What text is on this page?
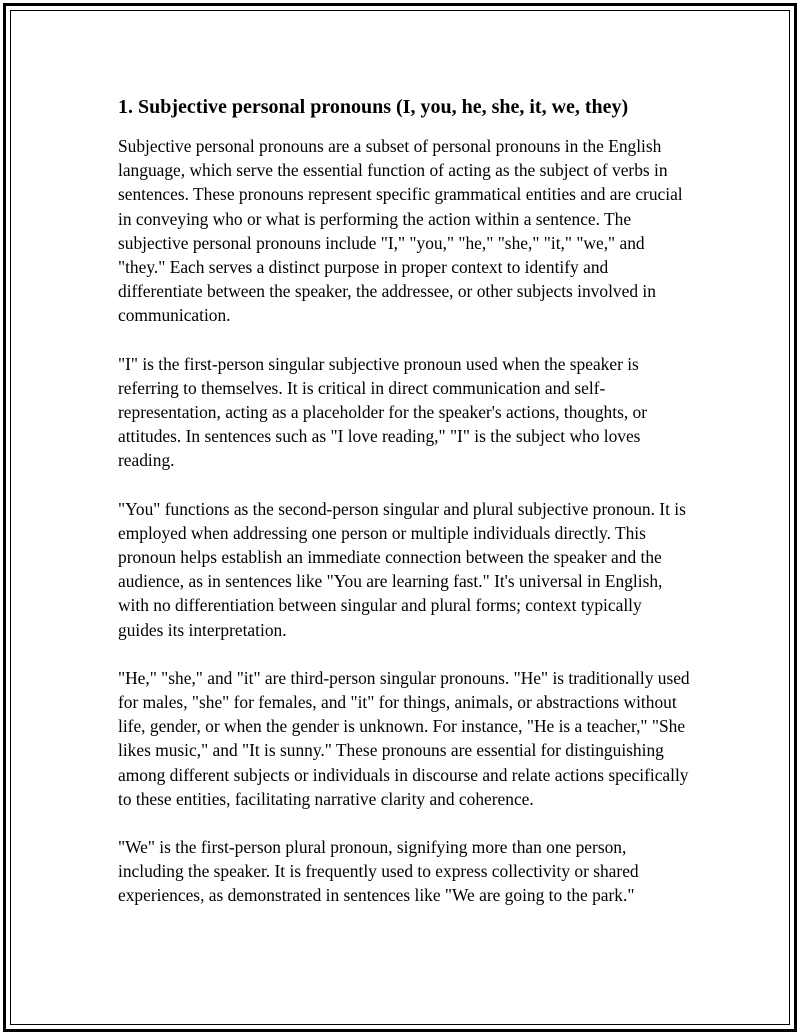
1. Subjective personal pronouns (I, you, he, she, it, we, they)

Subjective personal pronouns are a subset of personal pronouns in the English language, which serve the essential function of acting as the subject of verbs in sentences. These pronouns represent specific grammatical entities and are crucial in conveying who or what is performing the action within a sentence. The subjective personal pronouns include "I," "you," "he," "she," "it," "we," and "they." Each serves a distinct purpose in proper context to identify and differentiate between the speaker, the addressee, or other subjects involved in communication.

"I" is the first-person singular subjective pronoun used when the speaker is referring to themselves. It is critical in direct communication and self-representation, acting as a placeholder for the speaker's actions, thoughts, or attitudes. In sentences such as "I love reading," "I" is the subject who loves reading.

"You" functions as the second-person singular and plural subjective pronoun. It is employed when addressing one person or multiple individuals directly. This pronoun helps establish an immediate connection between the speaker and the audience, as in sentences like "You are learning fast." It's universal in English, with no differentiation between singular and plural forms; context typically guides its interpretation.

"He," "she," and "it" are third-person singular pronouns. "He" is traditionally used for males, "she" for females, and "it" for things, animals, or abstractions without life, gender, or when the gender is unknown. For instance, "He is a teacher," "She likes music," and "It is sunny." These pronouns are essential for distinguishing among different subjects or individuals in discourse and relate actions specifically to these entities, facilitating narrative clarity and coherence.

"We" is the first-person plural pronoun, signifying more than one person, including the speaker. It is frequently used to express collectivity or shared experiences, as demonstrated in sentences like "We are going to the park."
